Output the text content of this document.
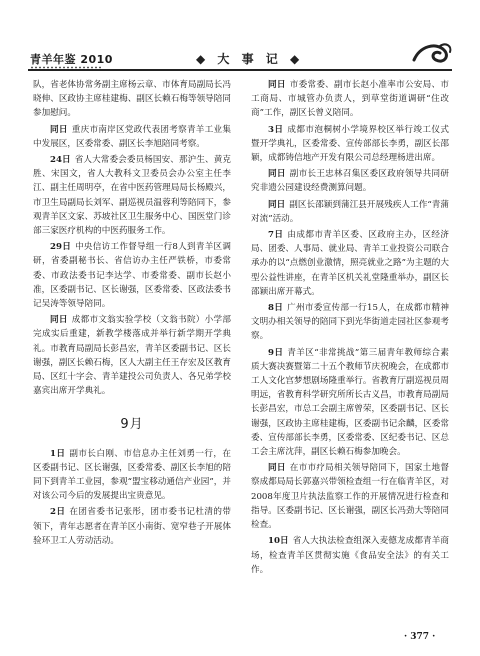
青羊年鉴 2010	◆ 大 事 记 ◆

队，省老体协常务副主席杨云章、市体育局副局长冯晓伸、区政协主席桂建梅、副区长赖石梅等领导陪同参加慰问。

同日 重庆市南岸区党政代表团考察青羊工业集中发展区，区委常委、副区长李旭陪同考察。

24日 省人大常委会委员杨国安、那沪生、黄克胜、宋国文，省人大教科文卫委员会办公室主任李江、副主任周明亭，在省中医药管理局局长杨殿兴，市卫生局副局长刘军、副巡视员温蓉利等陪同下，参观青羊区文家、苏坡社区卫生服务中心、国医堂门诊部三家医疗机构的中医药服务工作。

29日 中央信访工作督导组一行8人到青羊区调研，省委副秘书长、省信访办主任严铁桥，市委常委、市政法委书记李达学、市委常委、副市长赵小准，区委副书记、区长谢强，区委常委、区政法委书记吴涛等领导陪同。

同日 成都市文翁实验学校（文翁书院）小学部完成实后重建，新教学楼落成并举行新学期开学典礼。市教育局副局长彭昌宏，青羊区委副书记、区长谢强，副区长赖石梅，区人大副主任王存宏及区教育局、区红十字会、青羊建投公司负责人、各兄弟学校嘉宾出席开学典礼。

9月

1日 副市长白刚、市信息办主任刘勇一行，在区委副书记、区长谢强，区委常委、副区长李旭的陪同下到青羊工业园，参观“盟宝移动通信产业园”，并对该公司今后的发展提出宝贵意见。

2日 在团省委书记张彤，团市委书记杜清的带领下，青年志愿者在青羊区小南街、宽窄巷子开展体验环卫工人劳动活动。

同日 市委常委、副市长赵小准率市公安局、市工商局、市城管办负责人，到草堂街道调研“住改商”工作，副区长曾义陪同。

3日 成都市泡桐树小学境界校区举行竣工仪式暨开学典礼，区委常委、宣传部部长李勇，副区长邵颖，成都铸信地产开发有限公司总经理杨进出席。

同日 副市长王忠林召集区委区政府领导共同研究非遗公园建设经费测算问题。

同日 副区长邵颖到蒲江县开展残疾人工作“青蒲对流”活动。

7日 由成都市青羊区委、区政府主办，区经济局、团委、人事局、就业局、青羊工业投资公司联合承办的以“点燃创业激情，照亮就业之路”为主题的大型公益性讲座，在青羊区机关礼堂隆重举办，副区长邵颖出席开幕式。

8日 广州市委宣传部一行15人，在成都市精神文明办相关领导的陪同下到光华街道走园社区参观考察。

9日 青羊区“非常挑战”第三届青年教师综合素质大赛决赛暨第二十五个教师节庆祝晚会，在成都市工人文化宫梦想剧场隆重举行。省教育厅副巡视员周明远，省教育科学研究所所长古义昌，市教育局副局长彭昌宏，市总工会副主席曾荣，区委副书记、区长谢强，区政协主席桂建梅，区委副书记余麟，区委常委、宣传部部长李勇，区委常委、区纪委书记、区总工会主席沈萍，副区长赖石梅参加晚会。

同日 在市市疗局相关领导陪同下，国家土地督察成都局局长郭嘉兴带领检查组一行在临青羊区，对2008年度卫片执法监察工作的开展情况进行检查和指导。区委副书记、区长谢强，副区长冯劲大等陪同检查。

10日 省人大执法检查组深入麦德龙成都青羊商场，检查青羊区贯彻实施《食品安全法》的有关工作。

· 377 ·
